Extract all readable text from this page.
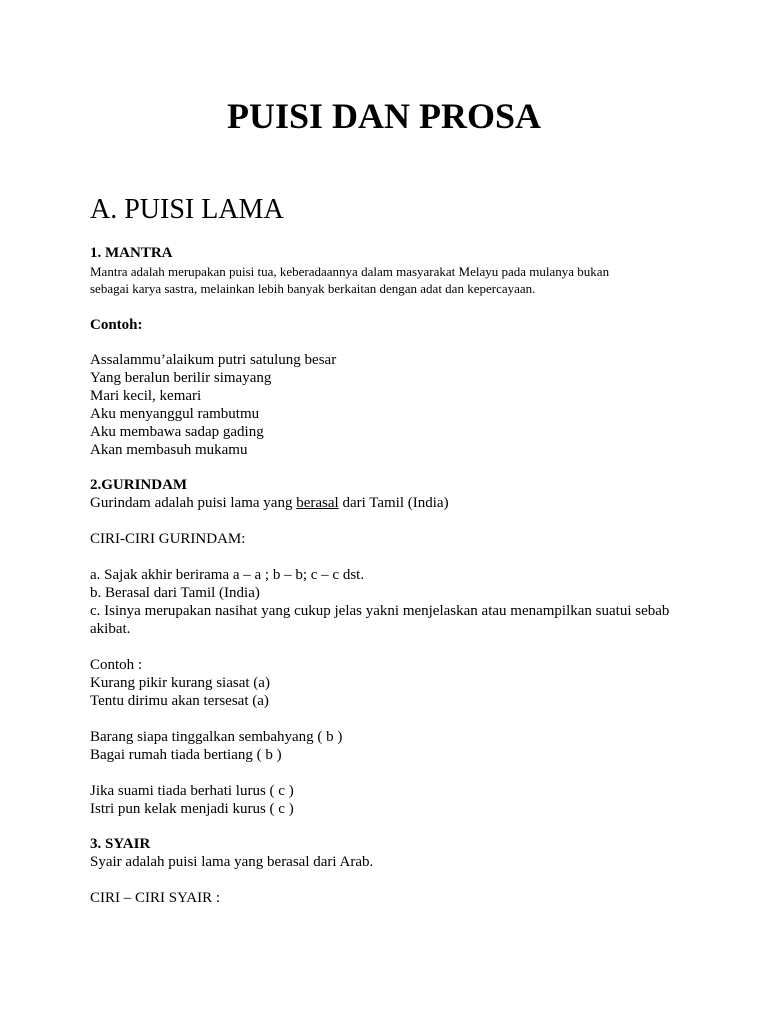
PUISI DAN PROSA
A. PUISI LAMA
1. MANTRA
Mantra adalah merupakan puisi tua, keberadaannya dalam masyarakat Melayu pada mulanya bukan
sebagai karya sastra, melainkan lebih banyak berkaitan dengan adat dan kepercayaan.
Contoh:
Assalammu’alaikum putri satulung besar
Yang beralun berilir simayang
Mari kecil, kemari
Aku menyanggul rambutmu
Aku membawa sadap gading
Akan membasuh mukamu
2.GURINDAM
Gurindam adalah puisi lama yang berasal dari Tamil (India)
CIRI-CIRI GURINDAM:
a. Sajak akhir berirama a – a ; b – b; c – c dst.
b. Berasal dari Tamil (India)
c. Isinya merupakan nasihat yang cukup jelas yakni menjelaskan atau menampilkan suatui sebab
akibat.
Contoh :
Kurang pikir kurang siasat (a)
Tentu dirimu akan tersesat (a)
Barang siapa tinggalkan sembahyang ( b )
Bagai rumah tiada bertiang ( b )
Jika suami tiada berhati lurus ( c )
Istri pun kelak menjadi kurus ( c )
3. SYAIR
Syair adalah puisi lama yang berasal dari Arab.
CIRI – CIRI SYAIR :
